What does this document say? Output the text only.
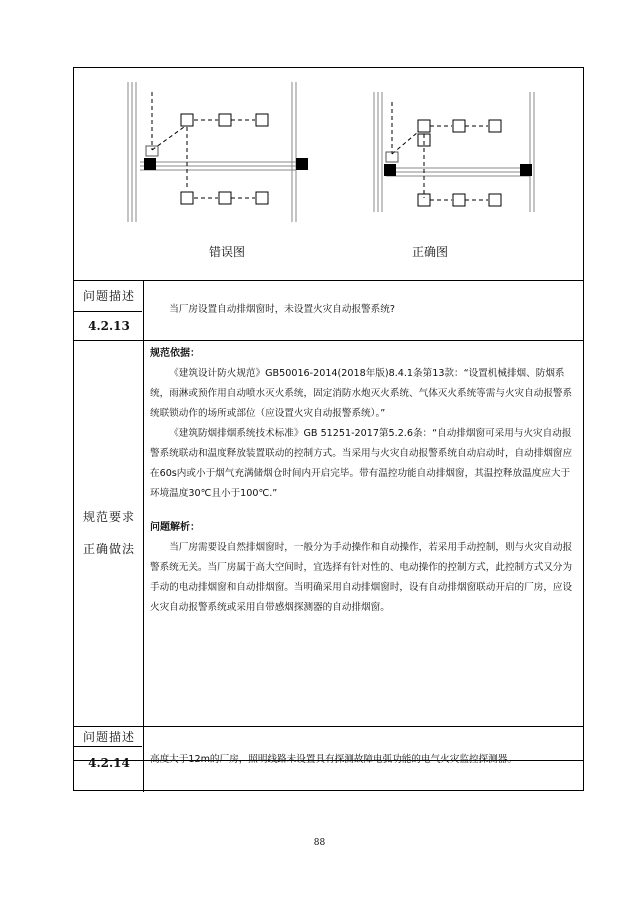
错误图	正确图
问题描述
4.2.13

当厂房设置自动排烟窗时，未设置火灾自动报警系统?

规范要求
正确做法

规范依据：

《建筑设计防火规范》GB50016-2014(2018年版)8.4.1条第13款：“设置机械排烟、防烟系统，雨淋或预作用自动喷水灭火系统，固定消防水炮灭火系统、气体灭火系统等需与火灾自动报警系统联锁动作的场所或部位（应设置火灾自动报警系统）。”

《建筑防烟排烟系统技术标准》GB 51251-2017第5.2.6条：“自动排烟窗可采用与火灾自动报警系统联动和温度释放装置联动的控制方式。当采用与火灾自动报警系统自动启动时，自动排烟窗应在60s内或小于烟气充满储烟仓时间内开启完毕。带有温控功能自动排烟窗，其温控释放温度应大于环境温度30℃且小于100℃.”

问题解析：

当厂房需要设自然排烟窗时，一般分为手动操作和自动操作，若采用手动控制，则与火灾自动报警系统无关。当厂房属于高大空间时，宜选择有针对性的、电动操作的控制方式，此控制方式又分为手动的电动排烟窗和自动排烟窗。当明确采用自动排烟窗时，设有自动排烟窗联动开启的厂房，应设火灾自动报警系统或采用自带感烟探测器的自动排烟窗。

问题描述
4.2.14	高度大于12m的厂房，照明线路未设置具有探测故障电弧功能的电气火灾监控探测器。

88
